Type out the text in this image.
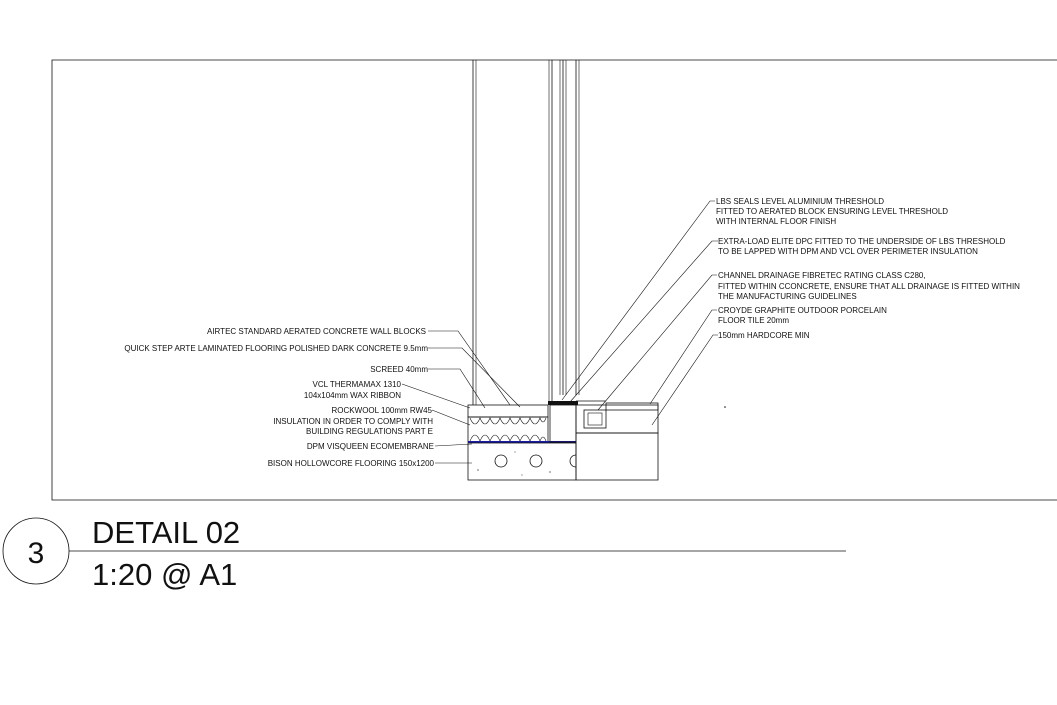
AIRTEC STANDARD AERATED CONCRETE WALL BLOCKS
QUICK STEP ARTE LAMINATED FLOORING POLISHED DARK CONCRETE 9.5mm
SCREED 40mm
VCL THERMAMAX 1310
104x104mm WAX RIBBON
ROCKWOOL 100mm RW45
INSULATION IN ORDER TO COMPLY WITH
BUILDING REGULATIONS PART E
DPM VISQUEEN ECOMEMBRANE
BISON HOLLOWCORE FLOORING 150x1200
LBS SEALS LEVEL ALUMINIUM THRESHOLD
FITTED TO AERATED BLOCK ENSURING LEVEL THRESHOLD
WITH INTERNAL FLOOR FINISH
EXTRA-LOAD ELITE DPC FITTED TO THE UNDERSIDE OF LBS THRESHOLD
TO BE LAPPED WITH DPM AND VCL OVER PERIMETER INSULATION
CHANNEL DRAINAGE FIBRETEC RATING CLASS C280,
FITTED WITHIN CCONCRETE, ENSURE THAT ALL DRAINAGE IS FITTED WITHIN
THE MANUFACTURING GUIDELINES
CROYDE GRAPHITE OUTDOOR PORCELAIN
FLOOR TILE 20mm
150mm HARDCORE MIN
3
DETAIL 02
1:20 @ A1
